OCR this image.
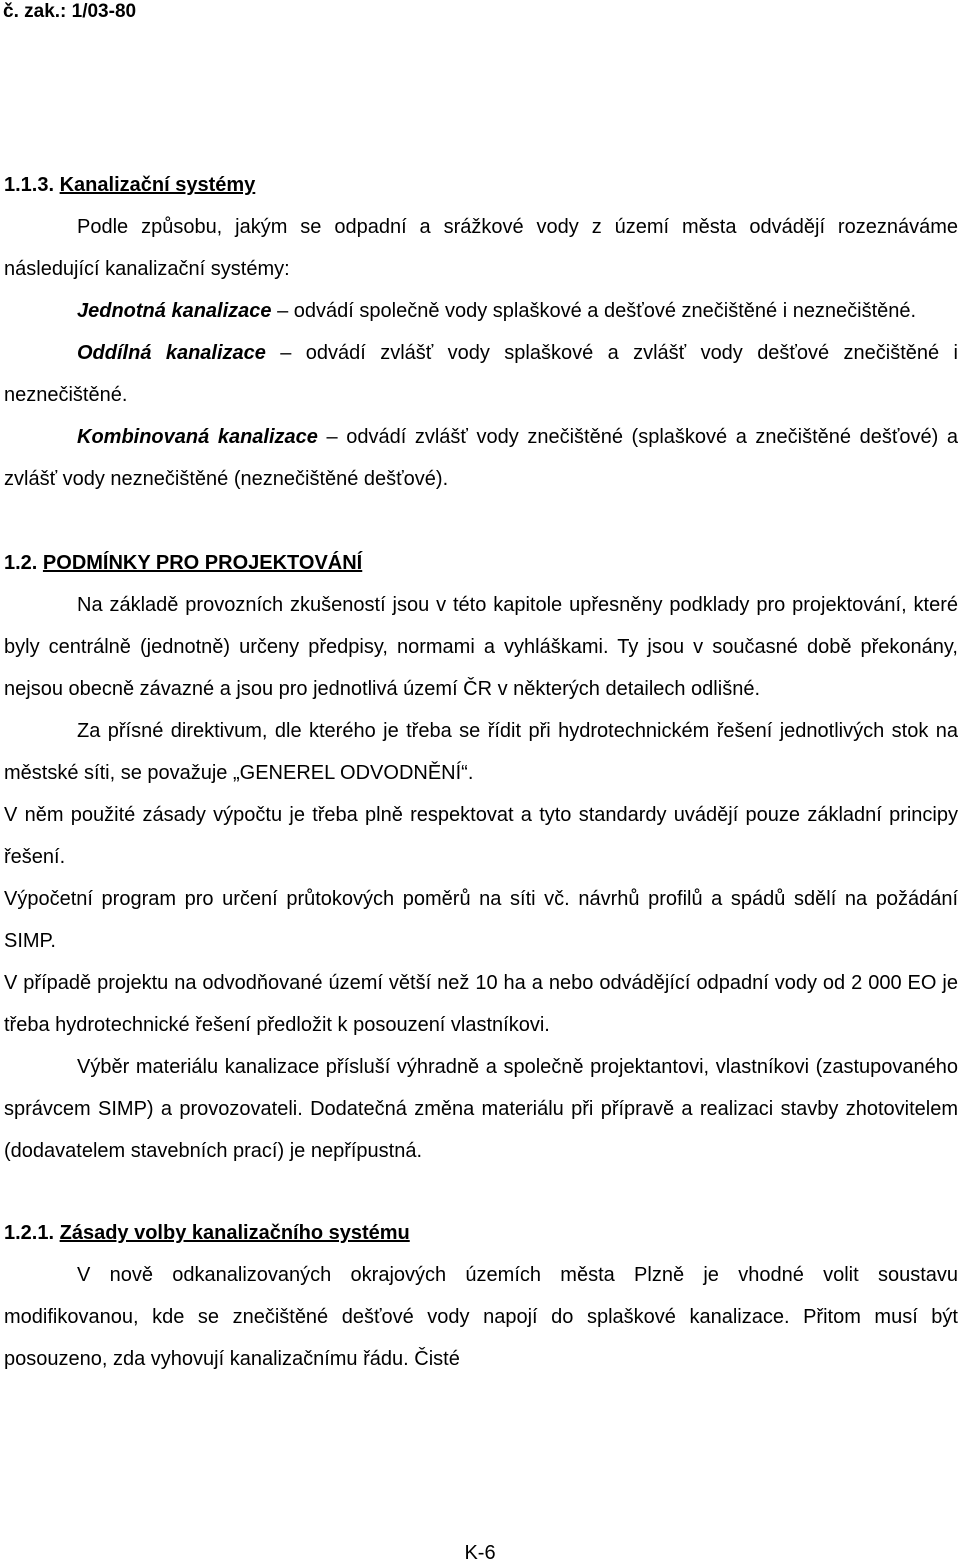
č. zak.: 1/03-80

1.1.3. Kanalizační systémy

Podle způsobu, jakým se odpadní a srážkové vody z území města odvádějí rozeznáváme následující kanalizační systémy:

Jednotná kanalizace – odvádí společně vody splaškové a dešťové znečištěné i neznečištěné.

Oddílná kanalizace – odvádí zvlášť vody splaškové a zvlášť vody dešťové znečištěné i neznečištěné.

Kombinovaná kanalizace – odvádí zvlášť vody znečištěné (splaškové a znečištěné dešťové) a zvlášť vody neznečištěné (neznečištěné dešťové).

1.2. PODMÍNKY PRO PROJEKTOVÁNÍ

Na základě provozních zkušeností jsou v této kapitole upřesněny podklady pro projektování, které byly centrálně (jednotně) určeny předpisy, normami a vyhláškami. Ty jsou v současné době překonány, nejsou obecně závazné a jsou pro jednotlivá území ČR v některých detailech odlišné.

Za přísné direktivum, dle kterého je třeba se řídit při hydrotechnickém řešení jednotlivých stok na městské síti, se považuje „GENEREL ODVODNĚNÍ“.

V něm použité zásady výpočtu je třeba plně respektovat a tyto standardy uvádějí pouze základní principy řešení.

Výpočetní program pro určení průtokových poměrů na síti vč. návrhů profilů a spádů sdělí na požádání SIMP.

V případě projektu na odvodňované území větší než 10 ha a nebo odvádějící odpadní vody od 2 000 EO je třeba hydrotechnické řešení předložit k posouzení vlastníkovi.

Výběr materiálu kanalizace přísluší výhradně a společně projektantovi, vlastníkovi (zastupovaného správcem SIMP) a provozovateli. Dodatečná změna materiálu při přípravě a realizaci stavby zhotovitelem (dodavatelem stavebních prací) je nepřípustná.

1.2.1. Zásady volby kanalizačního systému

V nově odkanalizovaných okrajových územích města Plzně je vhodné volit soustavu modifikovanou, kde se znečištěné dešťové vody napojí do splaškové kanalizace. Přitom musí být posouzeno, zda vyhovují kanalizačnímu řádu. Čisté

K-6
